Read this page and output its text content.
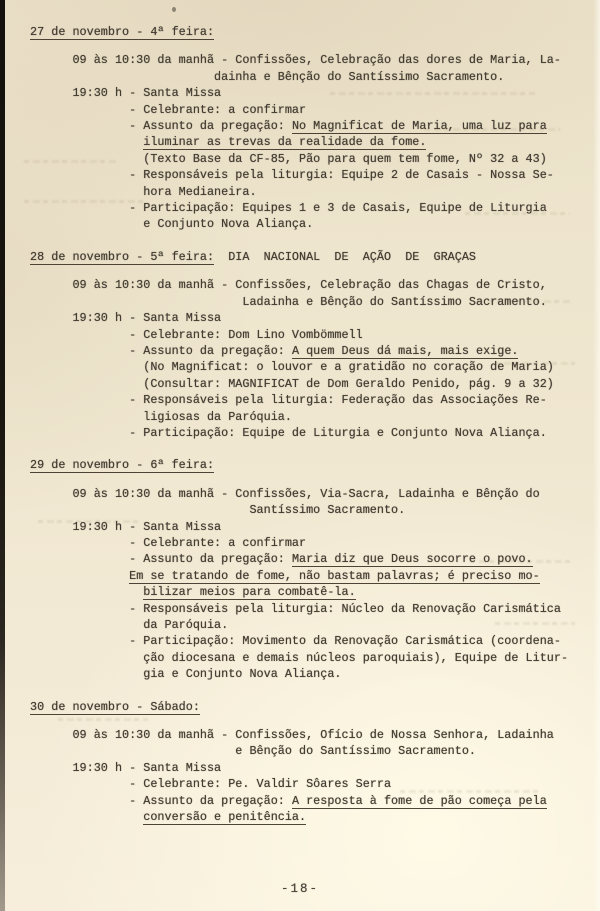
27 de novembro - 4ª feira:
09 às 10:30 da manhã - Confissões, Celebração das dores de Maria, La-
dainha e Bênção do Santíssimo Sacramento.
19:30 h - Santa Missa
- Celebrante: a confirmar
- Assunto da pregação: No Magnificat de Maria, uma luz para
iluminar as trevas da realidade da fome.
(Texto Base da CF-85, Pão para quem tem fome, Nº 32 a 43)
- Responsáveis pela liturgia: Equipe 2 de Casais - Nossa Se-
hora Medianeira.
- Participação: Equipes 1 e 3 de Casais, Equipe de Liturgia
e Conjunto Nova Aliança.
28 de novembro - 5ª feira:  DIA  NACIONAL  DE  AÇÃO  DE  GRAÇAS
09 às 10:30 da manhã - Confissões, Celebração das Chagas de Cristo,
Ladainha e Bênção do Santíssimo Sacramento.
19:30 h - Santa Missa
- Celebrante: Dom Lino Vombömmell
- Assunto da pregação: A quem Deus dá mais, mais exige.
(No Magnificat: o louvor e a gratidão no coração de Maria)
(Consultar: MAGNIFICAT de Dom Geraldo Penido, pág. 9 a 32)
- Responsáveis pela liturgia: Federação das Associações Re-
ligiosas da Paróquia.
- Participação: Equipe de Liturgia e Conjunto Nova Aliança.
29 de novembro - 6ª feira:
09 às 10:30 da manhã - Confissões, Via-Sacra, Ladainha e Bênção do
Santíssimo Sacramento.
19:30 h - Santa Missa
- Celebrante: a confirmar
- Assunto da pregação: Maria diz que Deus socorre o povo.
Em se tratando de fome, não bastam palavras; é preciso mo-
bilizar meios para combatê-la.
- Responsáveis pela liturgia: Núcleo da Renovação Carismática
da Paróquia.
- Participação: Movimento da Renovação Carismática (coordena-
ção diocesana e demais núcleos paroquiais), Equipe de Litur-
gia e Conjunto Nova Aliança.
30 de novembro - Sábado:
09 às 10:30 da manhã - Confissões, Ofício de Nossa Senhora, Ladainha
e Bênção do Santíssimo Sacramento.
19:30 h - Santa Missa
- Celebrante: Pe. Valdir Sôares Serra
- Assunto da pregação: A resposta à fome de pão começa pela
conversão e penitência.
-18-
